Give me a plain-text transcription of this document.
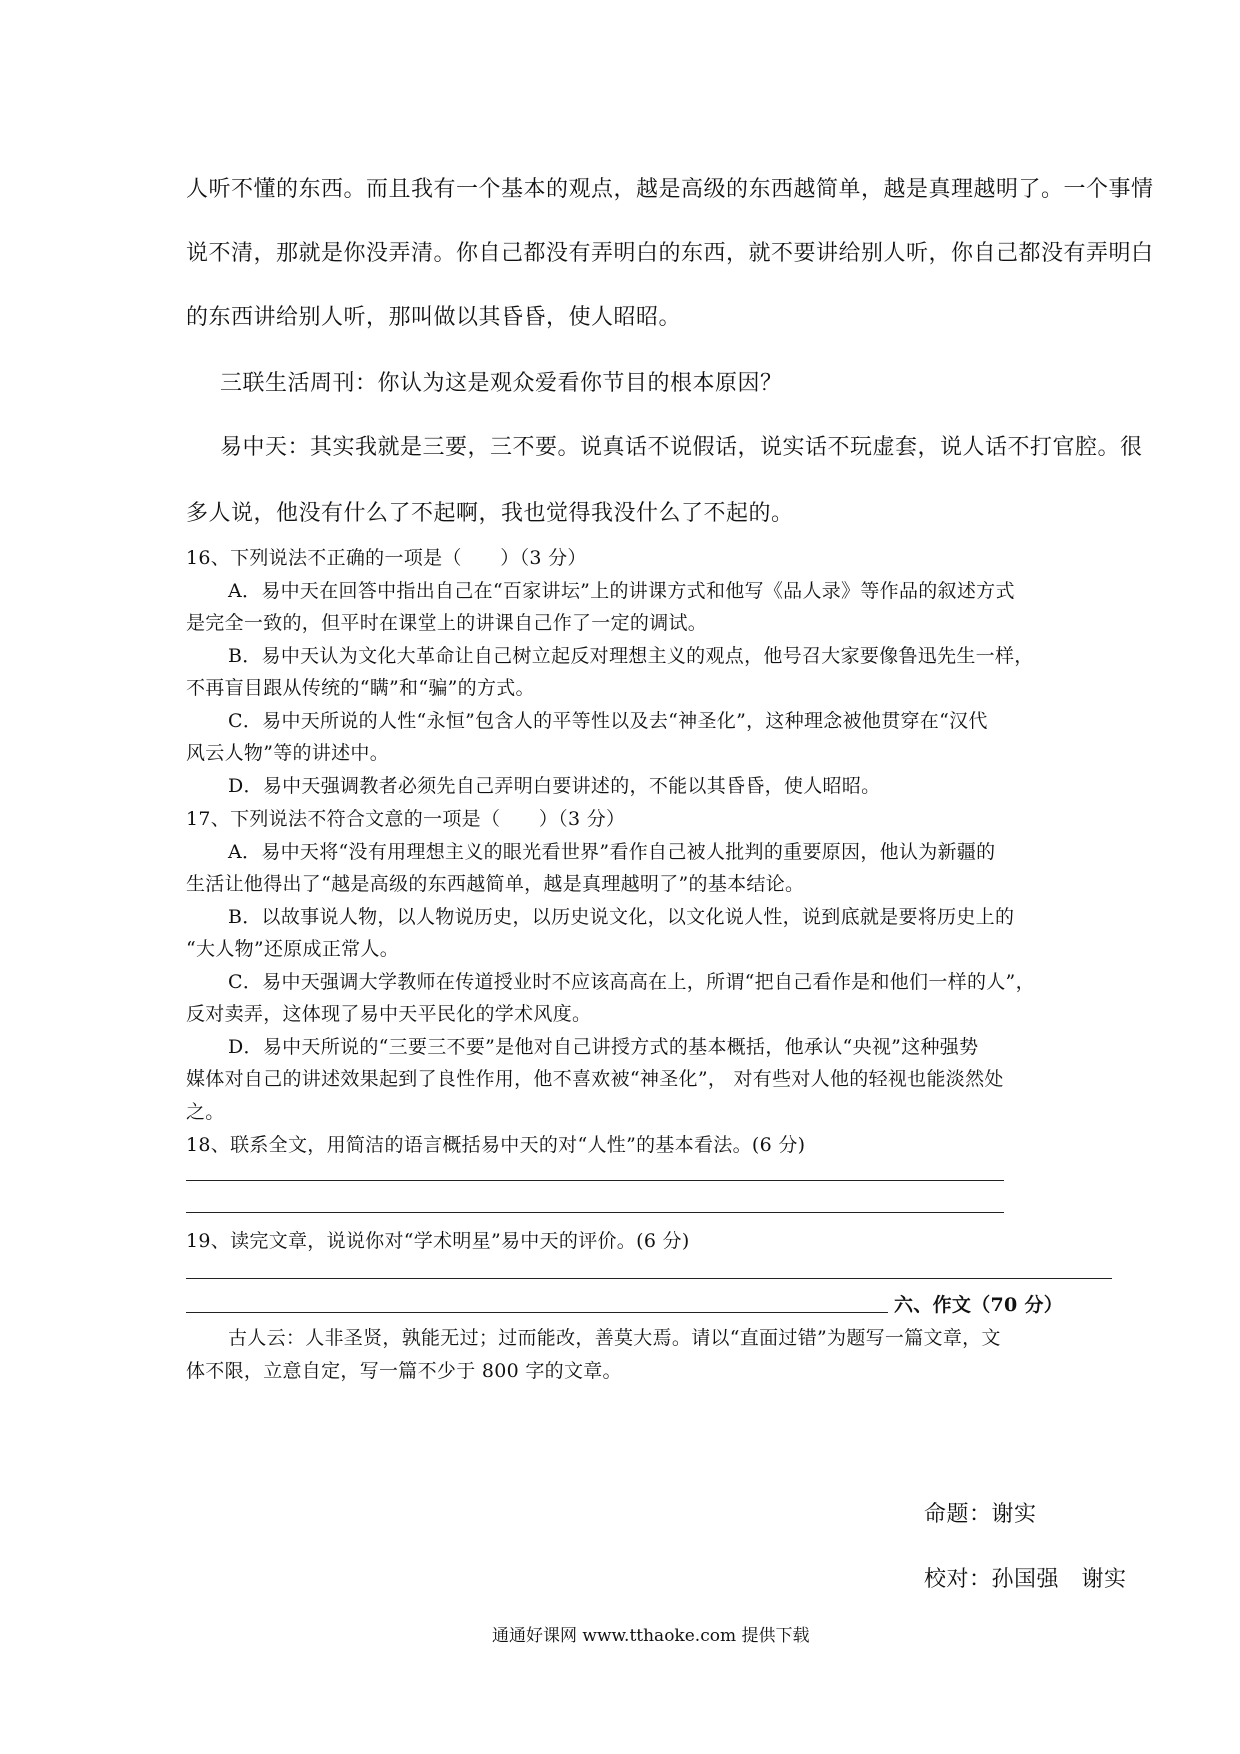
人听不懂的东西。而且我有一个基本的观点，越是高级的东西越简单，越是真理越明了。一个事情

说不清，那就是你没弄清。你自己都没有弄明白的东西，就不要讲给别人听，你自己都没有弄明白

的东西讲给别人听，那叫做以其昏昏，使人昭昭。

三联生活周刊：你认为这是观众爱看你节目的根本原因？

易中天：其实我就是三要，三不要。说真话不说假话，说实话不玩虚套，说人话不打官腔。很

多人说，他没有什么了不起啊，我也觉得我没什么了不起的。

16、下列说法不正确的一项是（　　）（3 分）

A．易中天在回答中指出自己在“百家讲坛”上的讲课方式和他写《品人录》等作品的叙述方式

是完全一致的，但平时在课堂上的讲课自己作了一定的调试。

B．易中天认为文化大革命让自己树立起反对理想主义的观点，他号召大家要像鲁迅先生一样，

不再盲目跟从传统的“瞒”和“骗”的方式。

C．易中天所说的人性“永恒”包含人的平等性以及去“神圣化”，这种理念被他贯穿在“汉代

风云人物”等的讲述中。

D．易中天强调教者必须先自己弄明白要讲述的，不能以其昏昏，使人昭昭。

17、下列说法不符合文意的一项是（　　）（3 分）

A．易中天将“没有用理想主义的眼光看世界”看作自己被人批判的重要原因，他认为新疆的

生活让他得出了“越是高级的东西越简单，越是真理越明了”的基本结论。

B．以故事说人物，以人物说历史，以历史说文化，以文化说人性，说到底就是要将历史上的

“大人物”还原成正常人。

C．易中天强调大学教师在传道授业时不应该高高在上，所谓“把自己看作是和他们一样的人”，

反对卖弄，这体现了易中天平民化的学术风度。

D．易中天所说的“三要三不要”是他对自己讲授方式的基本概括，他承认“央视”这种强势

媒体对自己的讲述效果起到了良性作用，他不喜欢被“神圣化”， 对有些对人他的轻视也能淡然处

之。

18、联系全文，用简洁的语言概括易中天的对“人性”的基本看法。(6 分)

19、读完文章，说说你对“学术明星”易中天的评价。(6 分)

六、作文（70 分）

古人云：人非圣贤，孰能无过；过而能改，善莫大焉。请以“直面过错”为题写一篇文章，文

体不限，立意自定，写一篇不少于 800 字的文章。

命题：谢实

校对：孙国强　谢实

通通好课网 www.tthaoke.com 提供下载
